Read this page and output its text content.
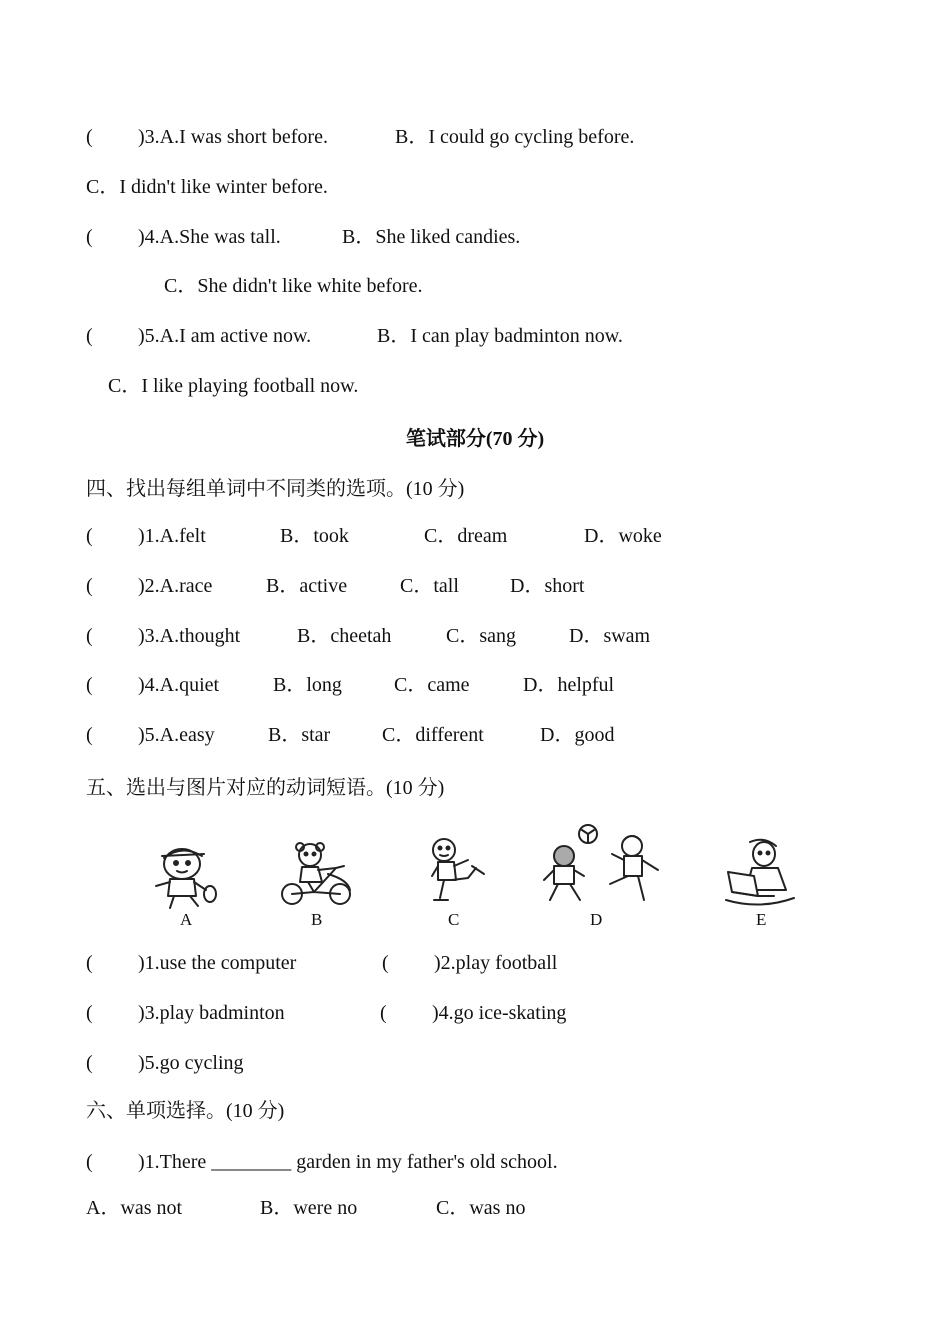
( )3.A.I was short before.	B．I could go cycling before.
C．I didn't like winter before.
( )4.A.She was tall.	B．She liked candies.
C．She didn't like white before.
( )5.A.I am active now.	B．I can play badminton now.
C．I like playing football now.
笔试部分(70 分)
四、找出每组单词中不同类的选项。(10 分)
( )1.A.felt	B．took	C．dream	D．woke
( )2.A.race	B．active	C．tall	D．short
( )3.A.thought	B．cheetah	C．sang	D．swam
( )4.A.quiet	B．long	C．came	D．helpful
( )5.A.easy	B．star	C．different	D．good
五、选出与图片对应的动词短语。(10 分)
A	B	C	D	E
( )1.use the computer	( )2.play football
( )3.play badminton	( )4.go ice-skating
( )5.go cycling
六、单项选择。(10 分)
( )1.There ________ garden in my father's old school.
A．was not	B．were no	C．was no
